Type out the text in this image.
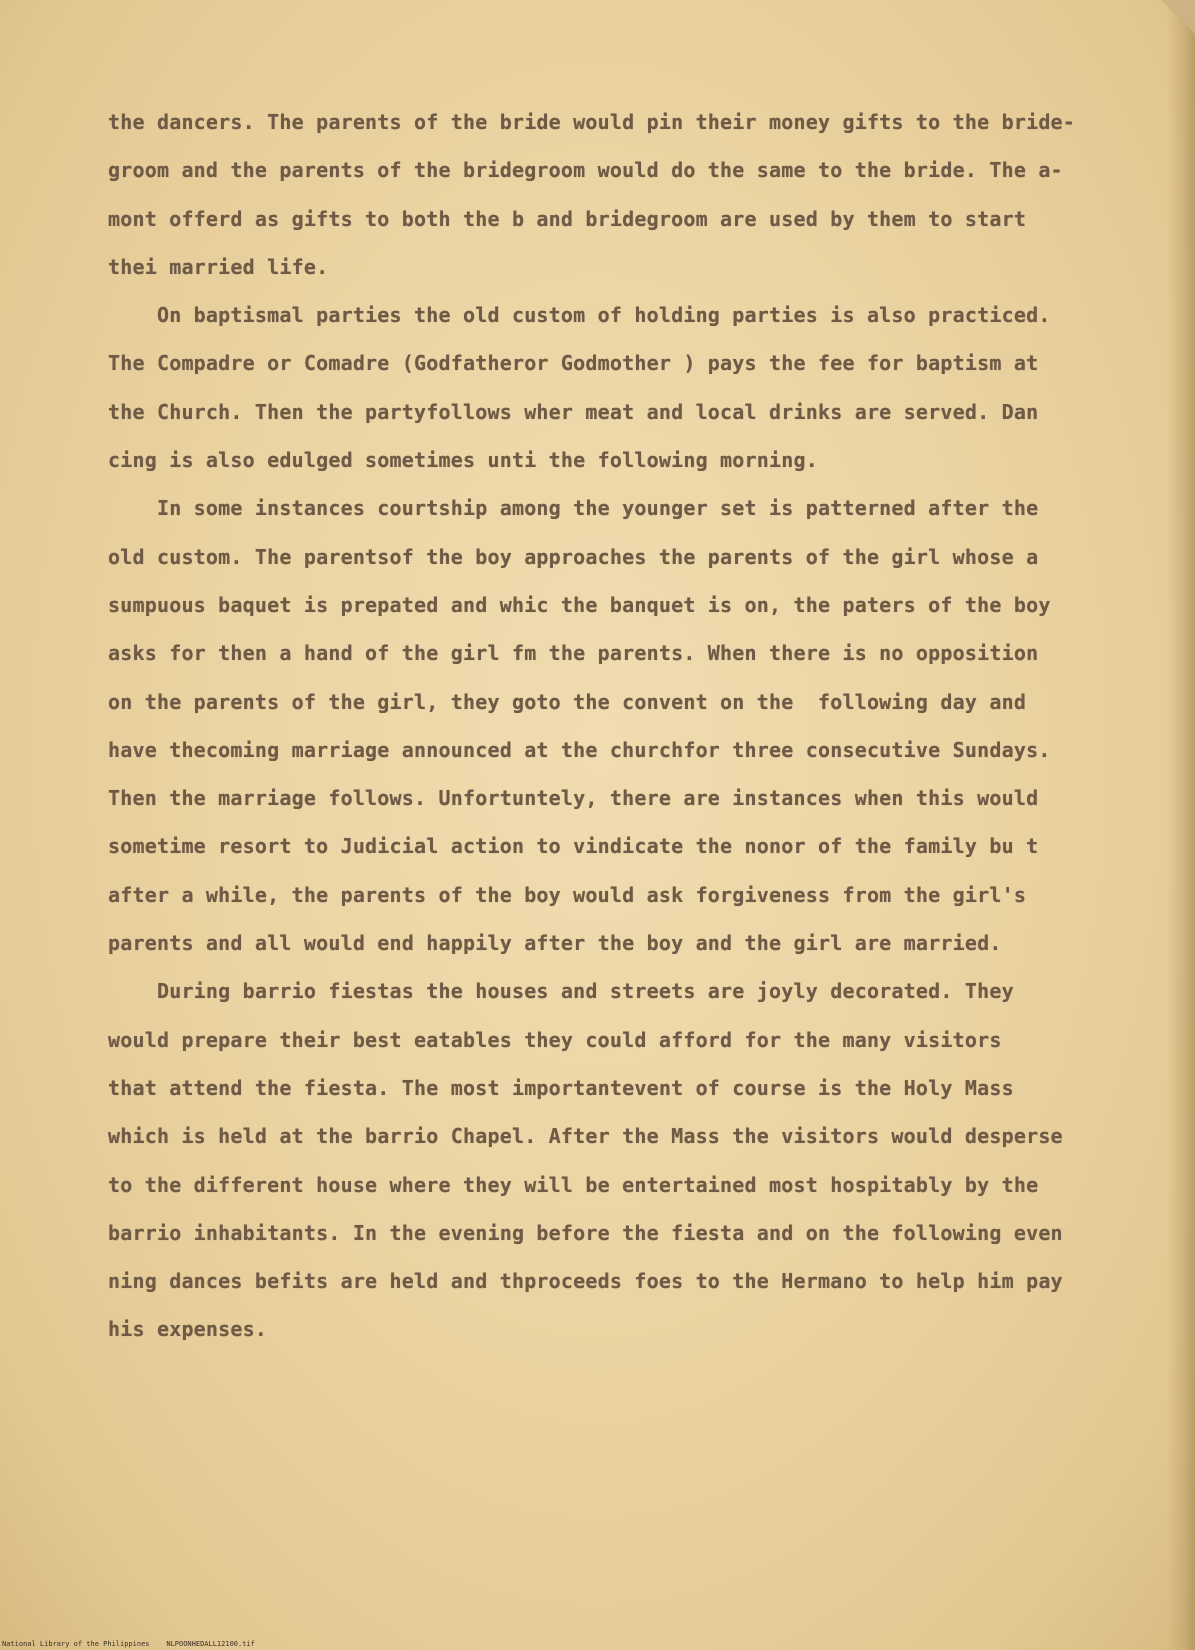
the dancers. The parents of the bride would pin their money gifts to the bride-
groom and the parents of the bridegroom would do the same to the bride. The a-
mont offerd as gifts to both the b and bridegroom are used by them to start
thei married life.
On baptismal parties the old custom of holding parties is also practiced.
The Compadre or Comadre (Godfatheror Godmother ) pays the fee for baptism at
the Church. Then the partyfollows wher meat and local drinks are served. Dan
cing is also edulged sometimes unti the following morning.
In some instances courtship among the younger set is patterned after the
old custom. The parentsof the boy approaches the parents of the girl whose a
sumpuous baquet is prepated and whic the banquet is on, the paters of the boy
asks for then a hand of the girl fm the parents. When there is no opposition
on the parents of the girl, they goto the convent on the  following day and
have thecoming marriage announced at the churchfor three consecutive Sundays.
Then the marriage follows. Unfortuntely, there are instances when this would
sometime resort to Judicial action to vindicate the nonor of the family bu t
after a while, the parents of the boy would ask forgiveness from the girl's
parents and all would end happily after the boy and the girl are married.
During barrio fiestas the houses and streets are joyly decorated. They
would prepare their best eatables they could afford for the many visitors
that attend the fiesta. The most importantevent of course is the Holy Mass
which is held at the barrio Chapel. After the Mass the visitors would desperse
to the different house where they will be entertained most hospitably by the
barrio inhabitants. In the evening before the fiesta and on the following even
ning dances befits are held and thproceeds foes to the Hermano to help him pay
his expenses.
National Library of the Philippines    NLPOONHEDALL12100.tif
